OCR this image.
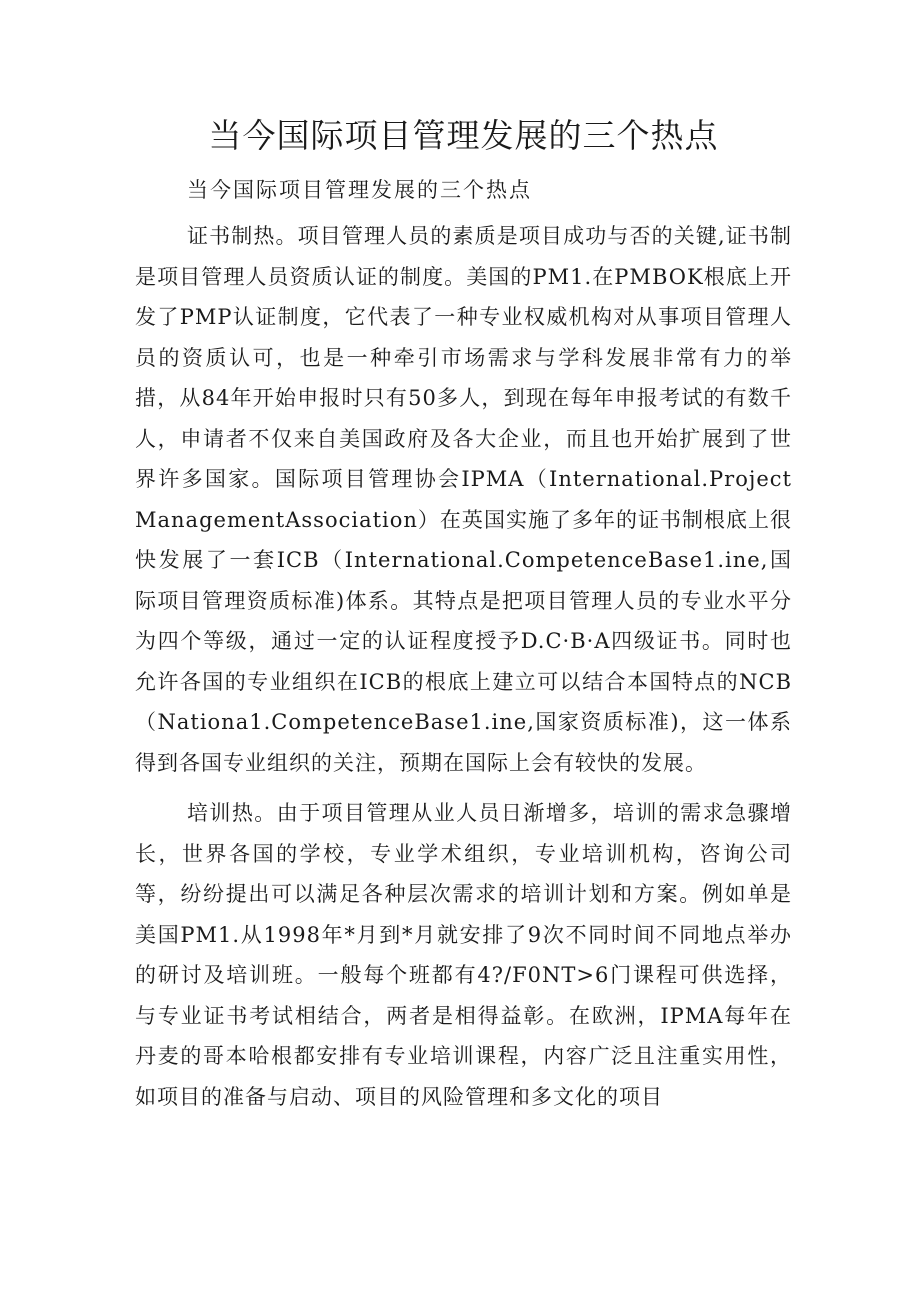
当今国际项目管理发展的三个热点

当今国际项目管理发展的三个热点

证书制热。项目管理人员的素质是项目成功与否的关键,证书制是项目管理人员资质认证的制度。美国的PM1.在PMBOK根底上开发了PMP认证制度，它代表了一种专业权威机构对从事项目管理人员的资质认可，也是一种牵引市场需求与学科发展非常有力的举措，从84年开始申报时只有50多人，到现在每年申报考试的有数千人，申请者不仅来自美国政府及各大企业，而且也开始扩展到了世界许多国家。国际项目管理协会IPMA（International.ProjectManagementAssociation）在英国实施了多年的证书制根底上很快发展了一套ICB（International.CompetenceBase1.ine,国际项目管理资质标准)体系。其特点是把项目管理人员的专业水平分为四个等级，通过一定的认证程度授予D.C·B·A四级证书。同时也允许各国的专业组织在ICB的根底上建立可以结合本国特点的NCB（Nationa1.CompetenceBase1.ine,国家资质标准)，这一体系得到各国专业组织的关注，预期在国际上会有较快的发展。

培训热。由于项目管理从业人员日渐增多，培训的需求急骤增长，世界各国的学校，专业学术组织，专业培训机构，咨询公司等，纷纷提出可以满足各种层次需求的培训计划和方案。例如单是美国PM1.从1998年*月到*月就安排了9次不同时间不同地点举办的研讨及培训班。一般每个班都有4?/F0NT>6门课程可供选择，与专业证书考试相结合，两者是相得益彰。在欧洲，IPMA每年在丹麦的哥本哈根都安排有专业培训课程，内容广泛且注重实用性，如项目的准备与启动、项目的风险管理和多文化的项目
